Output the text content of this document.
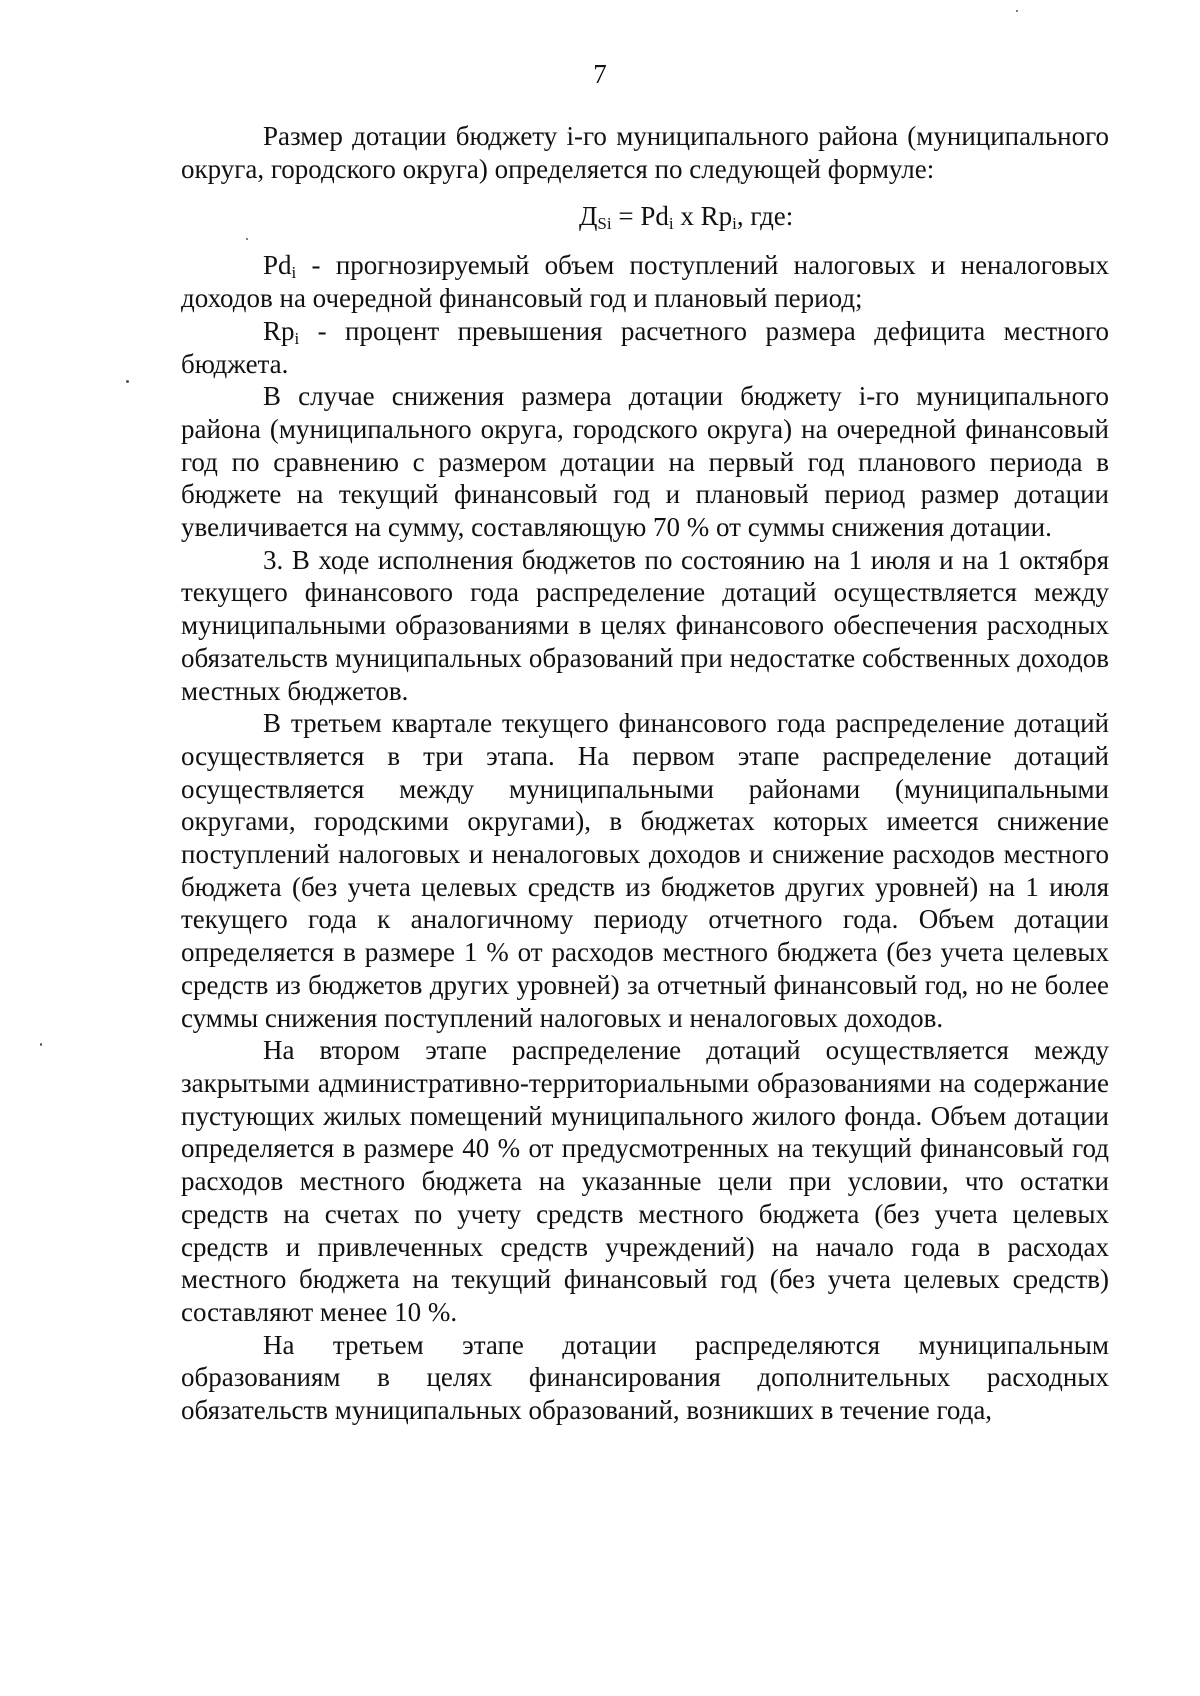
7

Размер дотации бюджету i-го муниципального района (муниципального округа, городского округа) определяется по следующей формуле:

$Д_{Si} = Pd_i$ x $Rp_i$, где:

$Pd_i$ - прогнозируемый объем поступлений налоговых и неналоговых доходов на очередной финансовый год и плановый период;

$Rp_i$ - процент превышения расчетного размера дефицита местного бюджета.

В случае снижения размера дотации бюджету i-го муниципального района (муниципального округа, городского округа) на очередной финансовый год по сравнению с размером дотации на первый год планового периода в бюджете на текущий финансовый год и плановый период размер дотации увеличивается на сумму, составляющую 70 % от суммы снижения дотации.

3. В ходе исполнения бюджетов по состоянию на 1 июля и на 1 октября текущего финансового года распределение дотаций осуществляется между муниципальными образованиями в целях финансового обеспечения расходных обязательств муниципальных образований при недостатке собственных доходов местных бюджетов.

В третьем квартале текущего финансового года распределение дотаций осуществляется в три этапа. На первом этапе распределение дотаций осуществляется между муниципальными районами (муниципальными округами, городскими округами), в бюджетах которых имеется снижение поступлений налоговых и неналоговых доходов и снижение расходов местного бюджета (без учета целевых средств из бюджетов других уровней) на 1 июля текущего года к аналогичному периоду отчетного года. Объем дотации определяется в размере 1 % от расходов местного бюджета (без учета целевых средств из бюджетов других уровней) за отчетный финансовый год, но не более суммы снижения поступлений налоговых и неналоговых доходов.

На втором этапе распределение дотаций осуществляется между закрытыми административно-территориальными образованиями на содержание пустующих жилых помещений муниципального жилого фонда. Объем дотации определяется в размере 40 % от предусмотренных на текущий финансовый год расходов местного бюджета на указанные цели при условии, что остатки средств на счетах по учету средств местного бюджета (без учета целевых средств и привлеченных средств учреждений) на начало года в расходах местного бюджета на текущий финансовый год (без учета целевых средств) составляют менее 10 %.

На третьем этапе дотации распределяются муниципальным образованиям в целях финансирования дополнительных расходных обязательств муниципальных образований, возникших в течение года,
